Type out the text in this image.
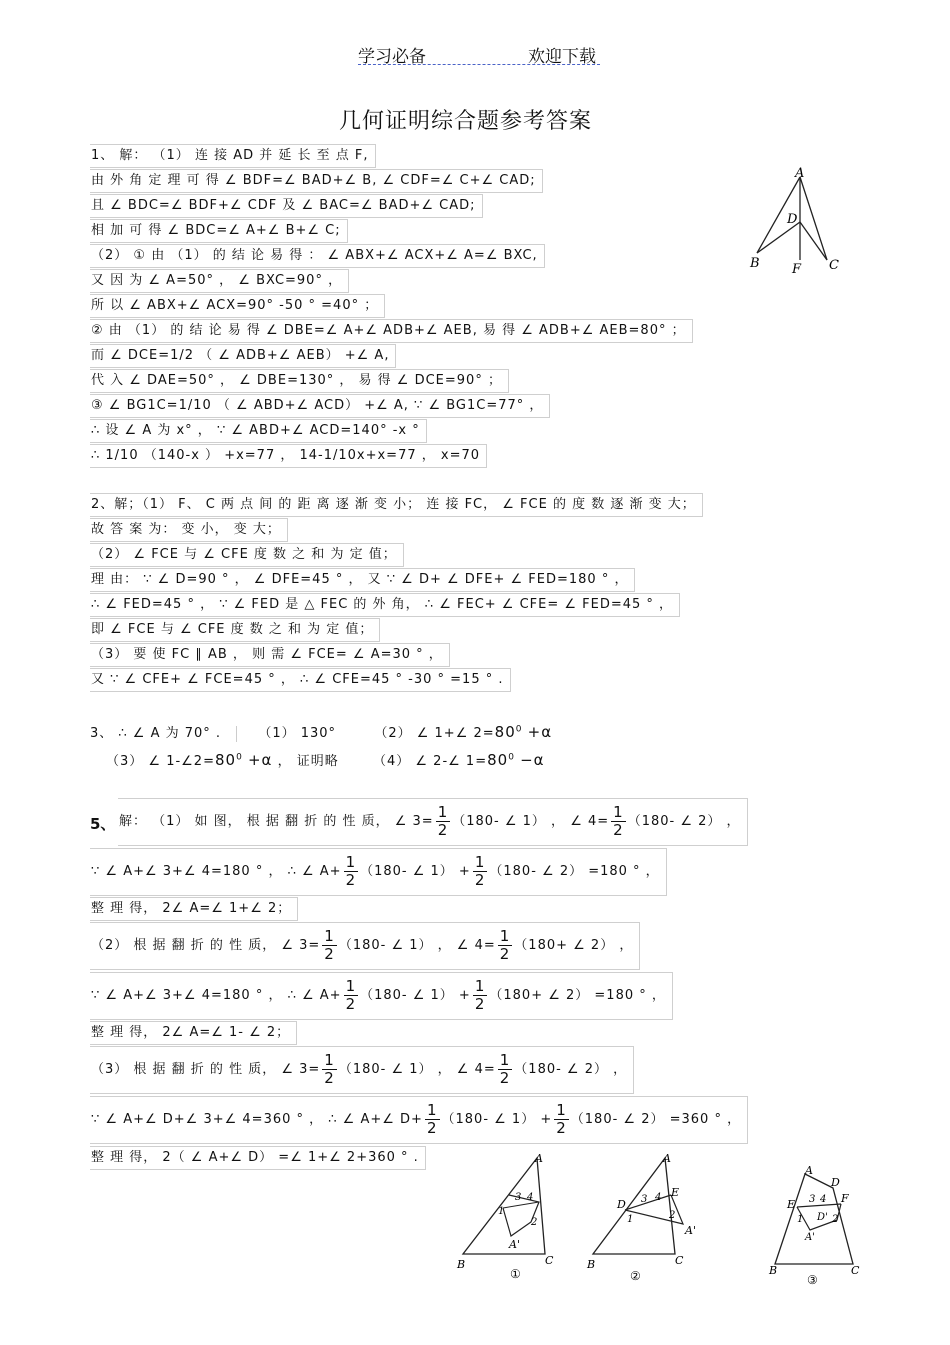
学习必备	欢迎下载
几何证明综合题参考答案
1、 解： （1） 连 接 AD 并 延 长 至 点 F,
由 外 角 定 理 可 得 ∠ BDF=∠ BAD+∠ B, ∠ CDF=∠ C+∠ CAD;
且 ∠ BDC=∠ BDF+∠ CDF 及 ∠ BAC=∠ BAD+∠ CAD;
相 加 可 得 ∠ BDC=∠ A+∠ B+∠ C;
（2） ① 由 （1） 的 结 论 易 得 ： ∠ ABX+∠ ACX+∠ A=∠ BXC,
又 因 为 ∠ A=50° ， ∠ BXC=90° ，
所 以 ∠ ABX+∠ ACX=90° -50 ° =40° ；
② 由 （1） 的 结 论 易 得 ∠ DBE=∠ A+∠ ADB+∠ AEB, 易 得 ∠ ADB+∠ AEB=80° ；
而 ∠ DCE=1/2 （ ∠ ADB+∠ AEB） +∠ A,
代 入 ∠ DAE=50° ， ∠ DBE=130° ， 易 得 ∠ DCE=90° ；
③ ∠ BG1C=1/10 （ ∠ ABD+∠ ACD） +∠ A, ∵ ∠ BG1C=77° ，
∴ 设 ∠ A 为 x° ， ∵ ∠ ABD+∠ ACD=140° -x °
∴ 1/10 （140-x ） +x=77 ， 14-1/10x+x=77 ， x=70
A
B	C
D
F
2、解；（1） F、 C 两 点 间 的 距 离 逐 渐 变 小； 连 接 FC， ∠ FCE 的 度 数 逐 渐 变 大；
故 答 案 为： 变 小， 变 大；
（2） ∠ FCE 与 ∠ CFE 度 数 之 和 为 定 值；
理 由： ∵ ∠ D=90 ° ， ∠ DFE=45 ° ， 又 ∵ ∠ D+ ∠ DFE+ ∠ FED=180 ° ，
∴ ∠ FED=45 ° ， ∵ ∠ FED 是 △ FEC 的 外 角， ∴ ∠ FEC+ ∠ CFE= ∠ FED=45 ° ，
即 ∠ FCE 与 ∠ CFE 度 数 之 和 为 定 值；
（3） 要 使 FC ∥ AB ， 则 需 ∠ FCE= ∠ A=30 ° ，
又 ∵ ∠ CFE+ ∠ FCE=45 ° ， ∴ ∠ CFE=45 ° -30 ° =15 ° .
3、 ∴ ∠ A 为 70° .	（1） 130°	（2） ∠ 1+∠ $2=80^0 +\alpha$
（3） ∠ $1-\angle 2=80^0 +\alpha$ ， 证明略	（4） ∠ 2-∠ $1=80^0 -\alpha$
5、 解： （1） 如 图， 根 据 翻 折 的 性 质， ∠ $3= \frac{1}{2} (180-$ ∠ 1） ， ∠ $4= \frac{1}{2} (180-$ ∠ 2） ，
∵ ∠ A+∠ 3+∠ 4=180 ° ， ∴ ∠ $A+ \frac{1}{2} (180-$ ∠ $1) + \frac{1}{2} (180-$ ∠ 2） =180 ° ，
整 理 得， 2∠ A=∠ 1+∠ 2；
（2） 根 据 翻 折 的 性 质， ∠ $3= \frac{1}{2} (180-$ ∠ 1） ， ∠ $4= \frac{1}{2} (180+$ ∠ 2） ，
∵ ∠ A+∠ 3+∠ 4=180 ° ， ∴ ∠ $A+ \frac{1}{2} (180-$ ∠ $1) + \frac{1}{2} (180+$ ∠ 2） =180 ° ，
整 理 得， 2∠ A=∠ 1- ∠ 2；
（3） 根 据 翻 折 的 性 质， ∠ $3= \frac{1}{2} (180-$ ∠ 1） ， ∠ $4= \frac{1}{2} (180-$ ∠ 2） ，
∵ ∠ A+∠ D+∠ 3+∠ 4=360 ° ， ∴ ∠ A+∠ $D+ \frac{1}{2} (180-$ ∠ $1) + \frac{1}{2} (180-$ ∠ 2） =360 ° ，
整 理 得， 2（ ∠ A+∠ D） =∠ 1+∠ 2+360 ° .	A
B	C
A'
1
2
3 4
①
A
B	C
D
E
A'
1	2
3 4
②
A
D
E	F
B	C
A'
D'
1	2
3 4
③
